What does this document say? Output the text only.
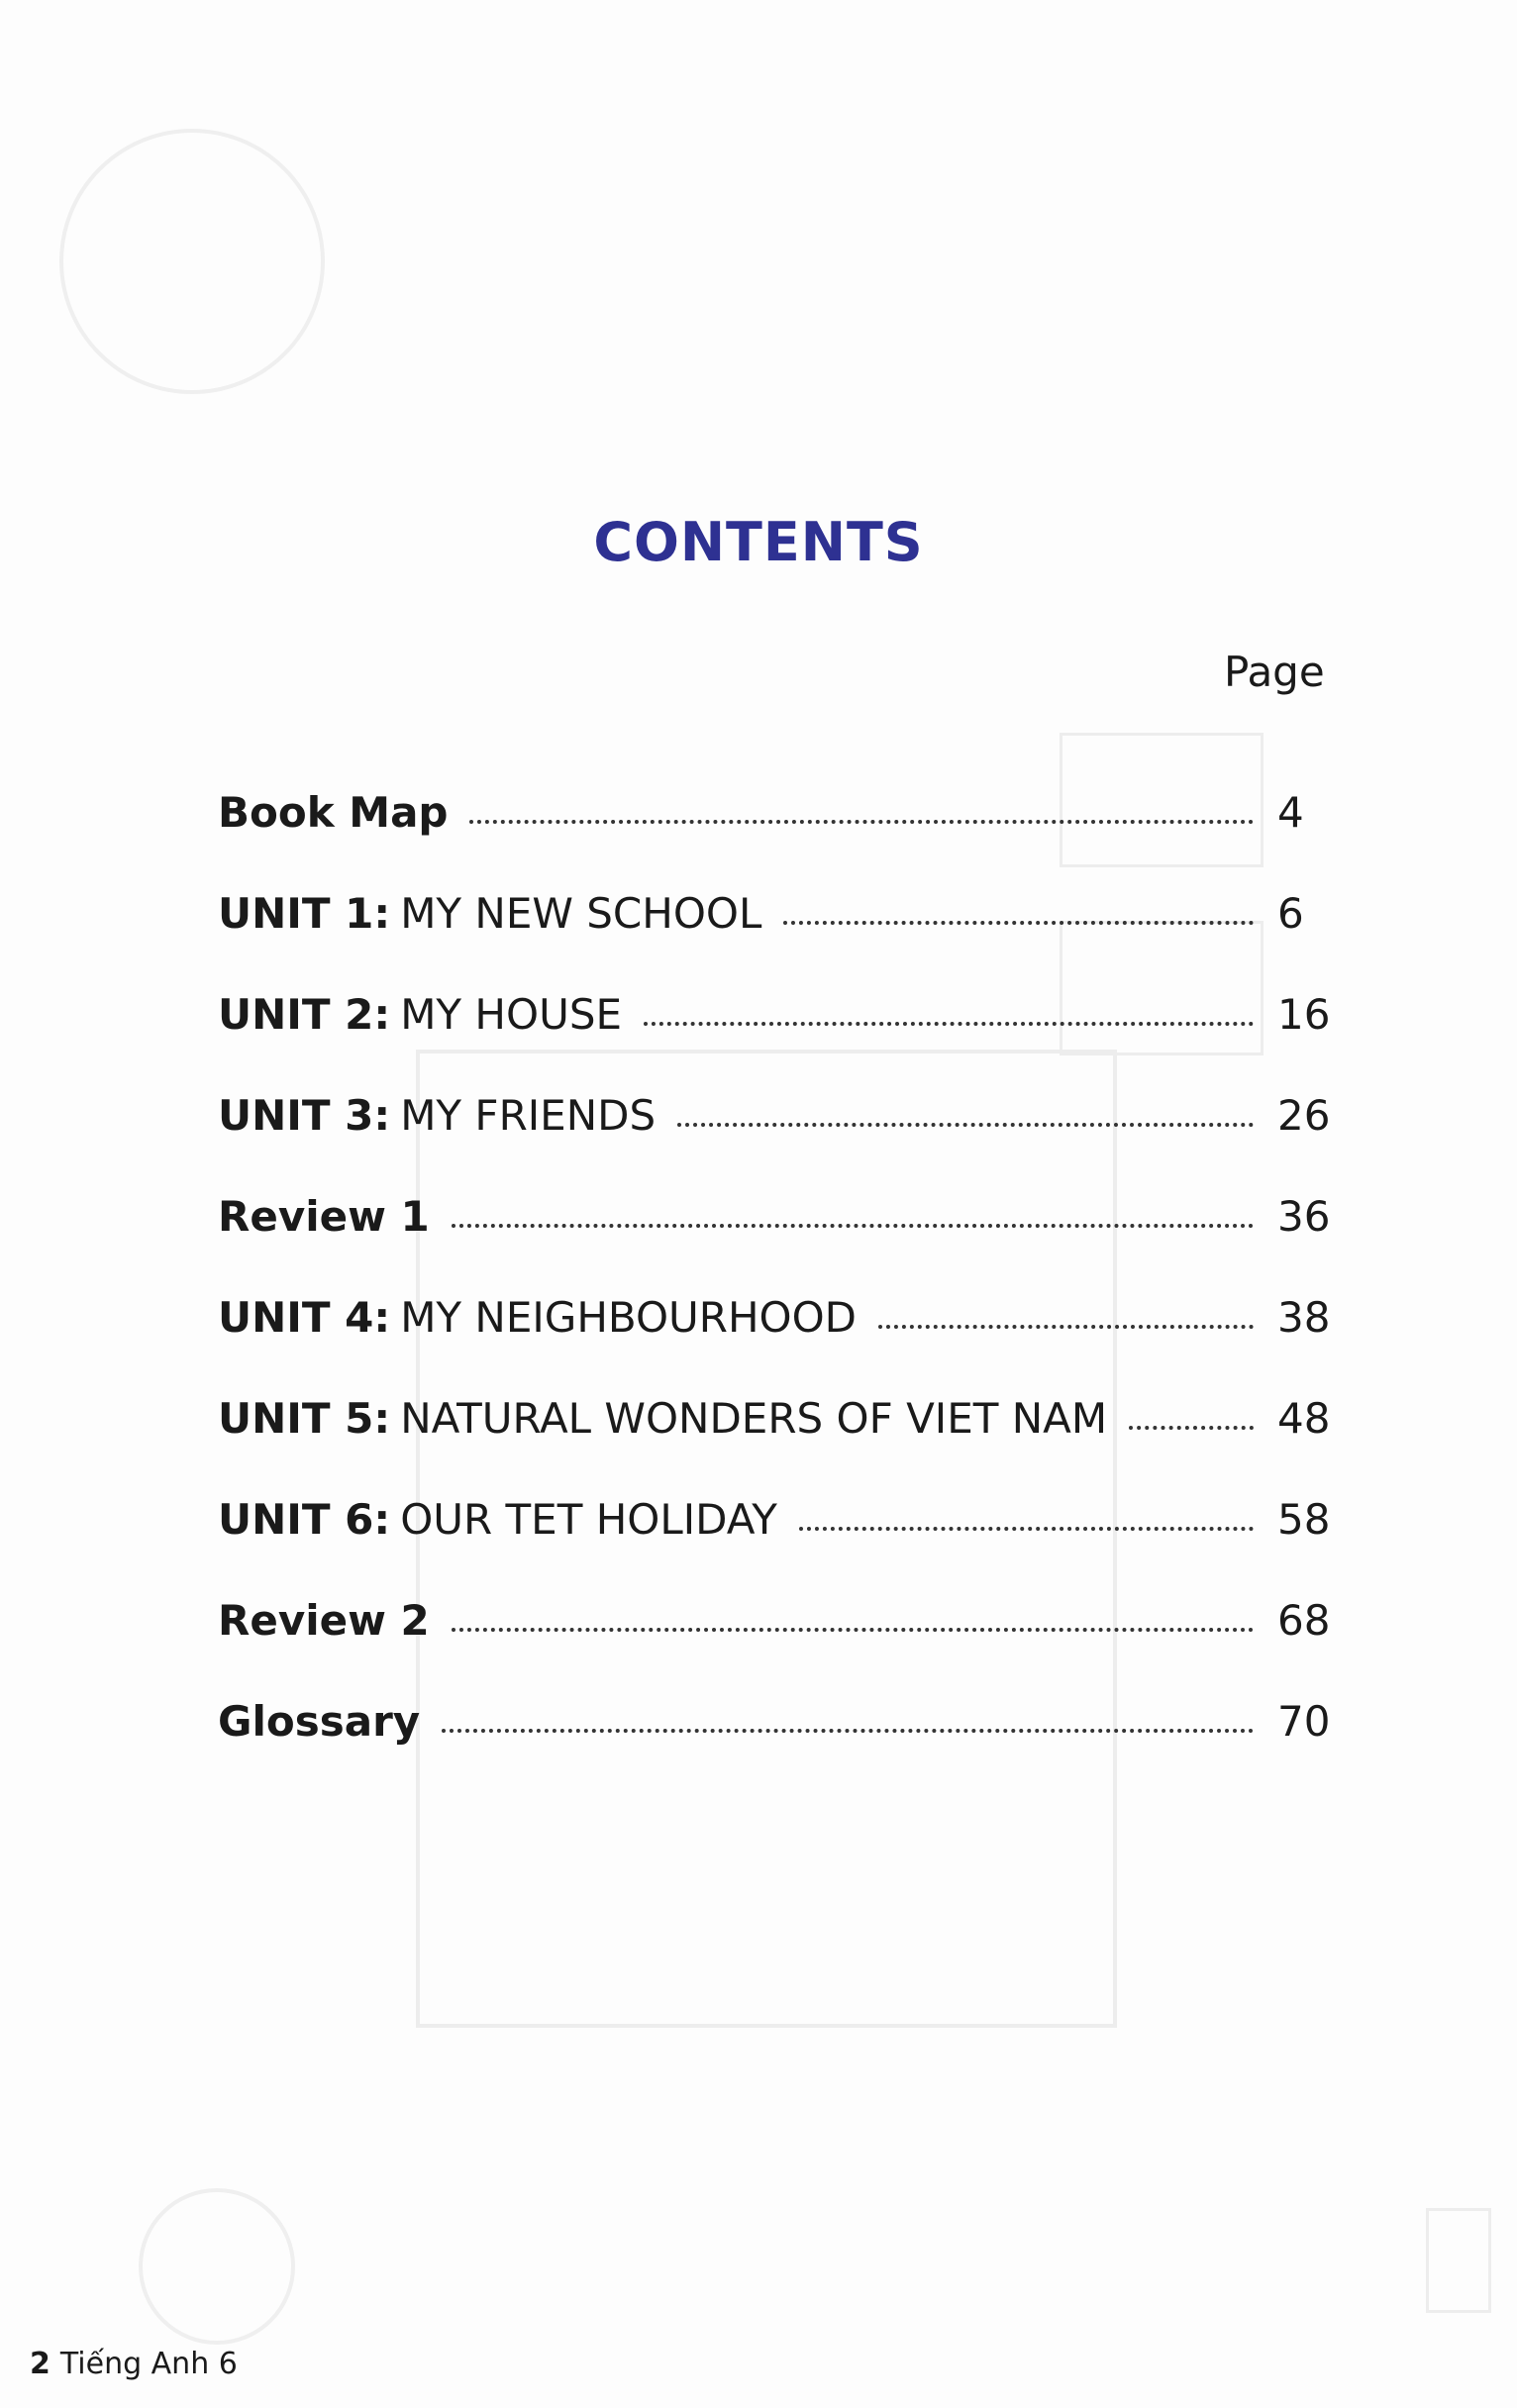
CONTENTS
Page
Book Map	4
UNIT 1: MY NEW SCHOOL	6
UNIT 2: MY HOUSE	16
UNIT 3: MY FRIENDS	26
Review 1	36
UNIT 4: MY NEIGHBOURHOOD	38
UNIT 5: NATURAL WONDERS OF VIET NAM	48
UNIT 6: OUR TET HOLIDAY	58
Review 2	68
Glossary	70
2 Tiếng Anh 6
